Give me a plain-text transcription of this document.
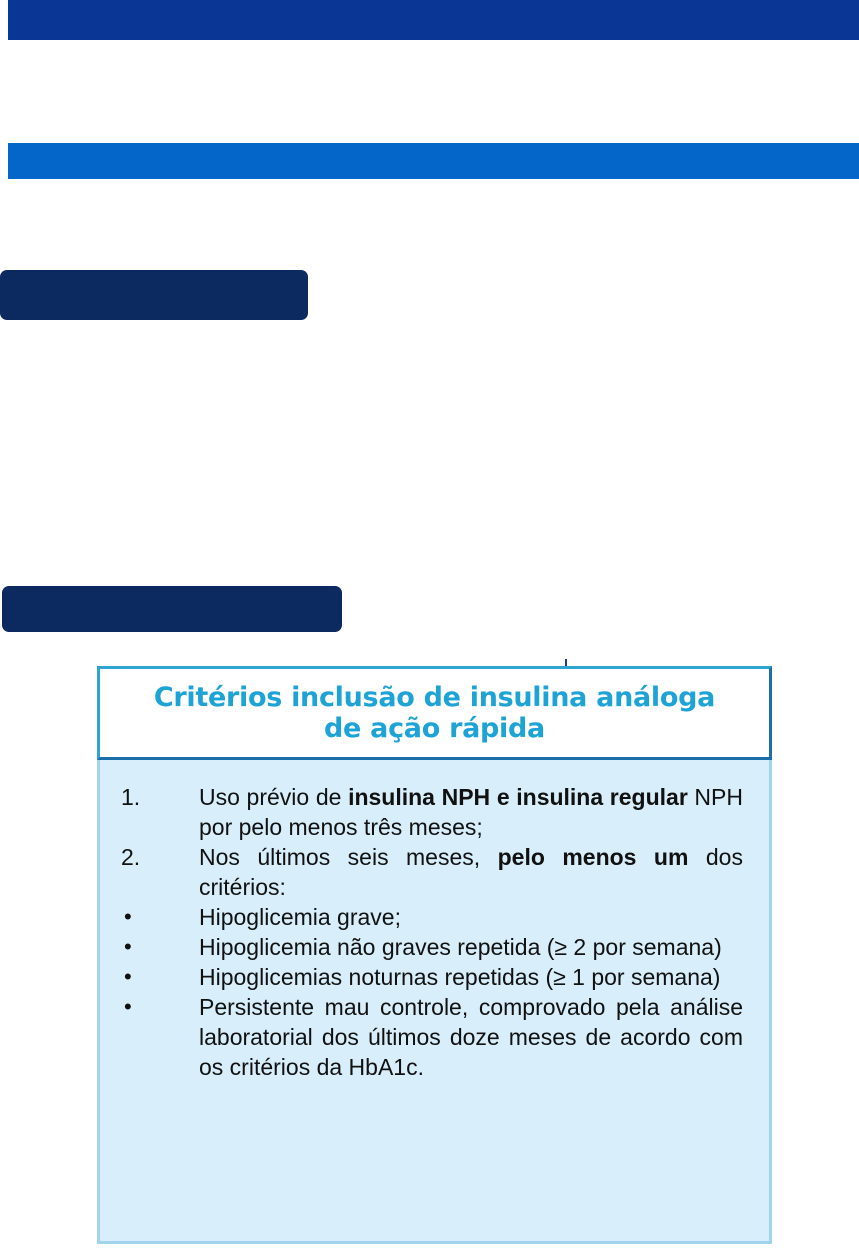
Critérios inclusão de insulina análoga
de ação rápida
1.	Uso prévio de insulina NPH e insulina regular NPH por pelo menos três meses;
2.	Nos últimos seis meses, pelo menos um dos critérios:
•	Hipoglicemia grave;
•	Hipoglicemia não graves repetida (≥ 2 por semana)
•	Hipoglicemias noturnas repetidas (≥ 1 por semana)
•	Persistente mau controle, comprovado pela análise laboratorial dos últimos doze meses de acordo com os critérios da HbA1c.
